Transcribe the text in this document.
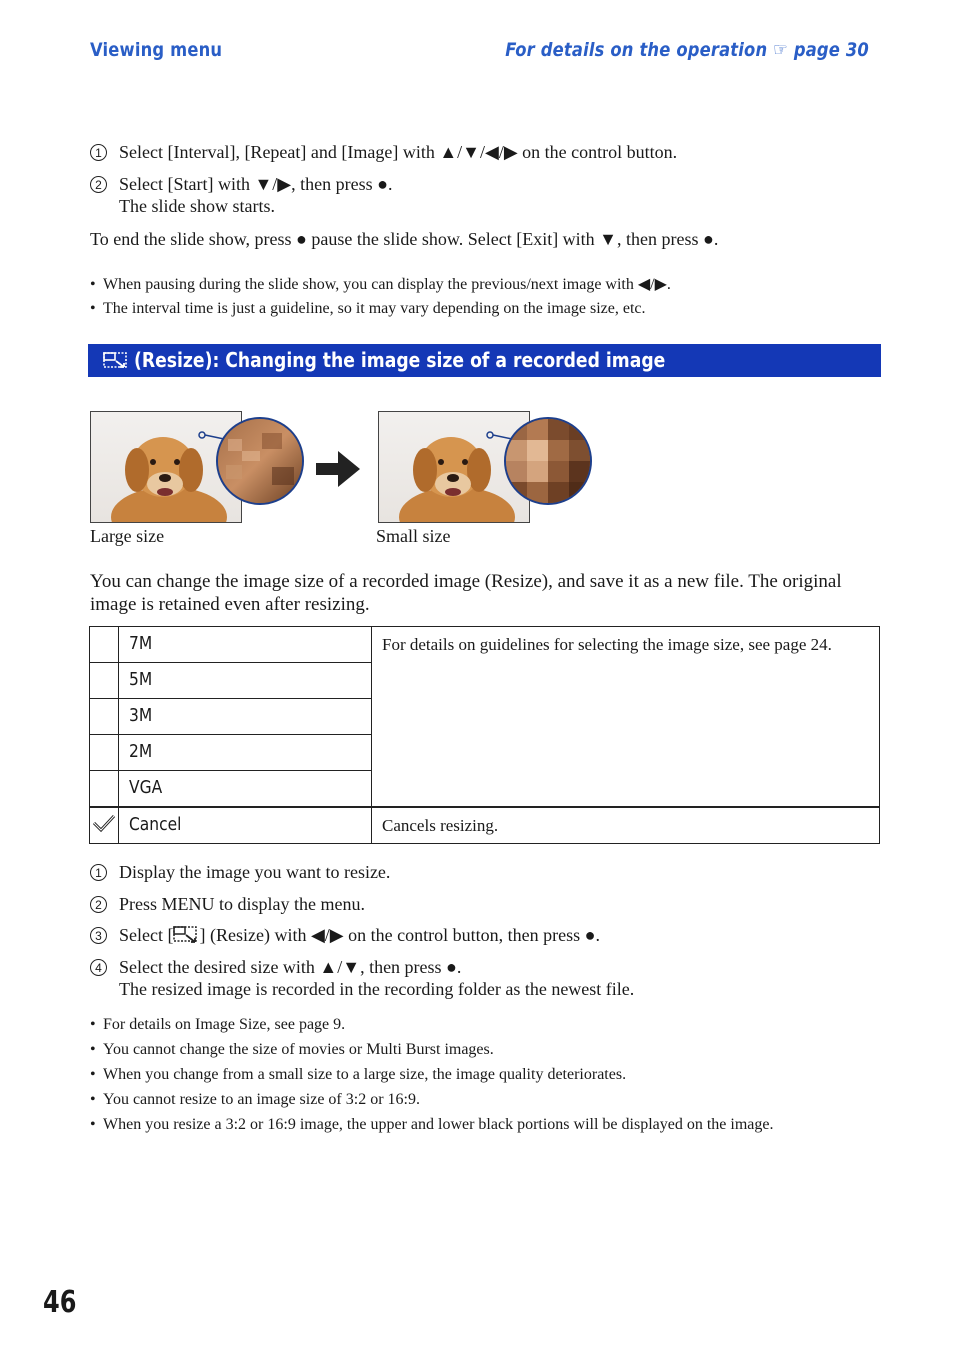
Viewing menu	For details on the operation ☞ page 30
1 Select [Interval], [Repeat] and [Image] with ▲/▼/◀/▶ on the control button.
2 Select [Start] with ▼/▶, then press ●.
The slide show starts.
To end the slide show, press ● pause the slide show. Select [Exit] with ▼, then press ●.
• When pausing during the slide show, you can display the previous/next image with ◀/▶.
• The interval time is just a guideline, so it may vary depending on the image size, etc.
(Resize): Changing the image size of a recorded image
Large size	Small size
You can change the image size of a recorded image (Resize), and save it as a new file. The original image is retained even after resizing.
	7M	For details on guidelines for selecting the image size, see page 24.
	5M	
	3M	
	2M	
	VGA	
	Cancel	Cancels resizing.
1 Display the image you want to resize.
2 Press MENU to display the menu.
3 Select [ ] (Resize) with ◀/▶ on the control button, then press ●.
4 Select the desired size with ▲/▼, then press ●.
The resized image is recorded in the recording folder as the newest file.
• For details on Image Size, see page 9.
• You cannot change the size of movies or Multi Burst images.
• When you change from a small size to a large size, the image quality deteriorates.
• You cannot resize to an image size of 3:2 or 16:9.
• When you resize a 3:2 or 16:9 image, the upper and lower black portions will be displayed on the image.
46
